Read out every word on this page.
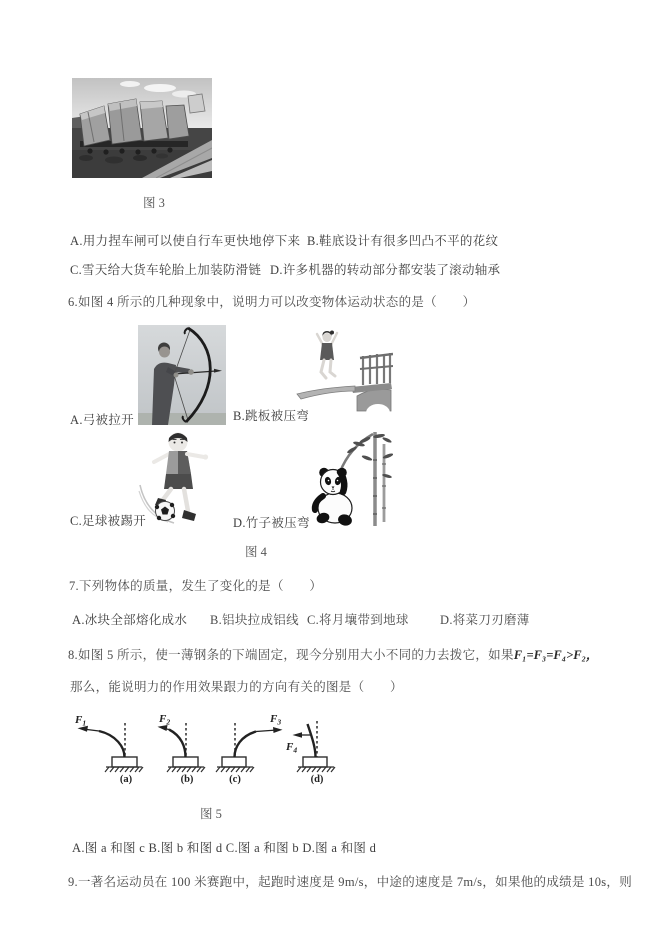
图 3
A.用力捏车闸可以使自行车更快地停下来 B.鞋底设计有很多凹凸不平的花纹
C.雪天给大货车轮胎上加装防滑链 D.许多机器的转动部分都安装了滚动轴承
6.如图 4 所示的几种现象中，说明力可以改变物体运动状态的是（　　）
A.弓被拉开	B.跳板被压弯
C.足球被踢开	D.竹子被压弯
图 4
7.下列物体的质量，发生了变化的是（　　）
A.冰块全部熔化成水 B.铝块拉成铝线 C.将月壤带到地球	D.将菜刀刃磨薄
8.如图 5 所示，使一薄钢条的下端固定，现今分别用大小不同的力去拨它，如果F₁=F₃=F₄>F₂，
那么，能说明力的作用效果跟力的方向有关的图是（　　）
$F_1$
(a)
$F_2$
(b)
$F_3$
(c)
$F_4$
(d)
图 5
A.图 a 和图 c B.图 b 和图 d C.图 a 和图 b D.图 a 和图 d
9.一著名运动员在 100 米赛跑中，起跑时速度是 9m/s，中途的速度是 7m/s，如果他的成绩是 10s，则
